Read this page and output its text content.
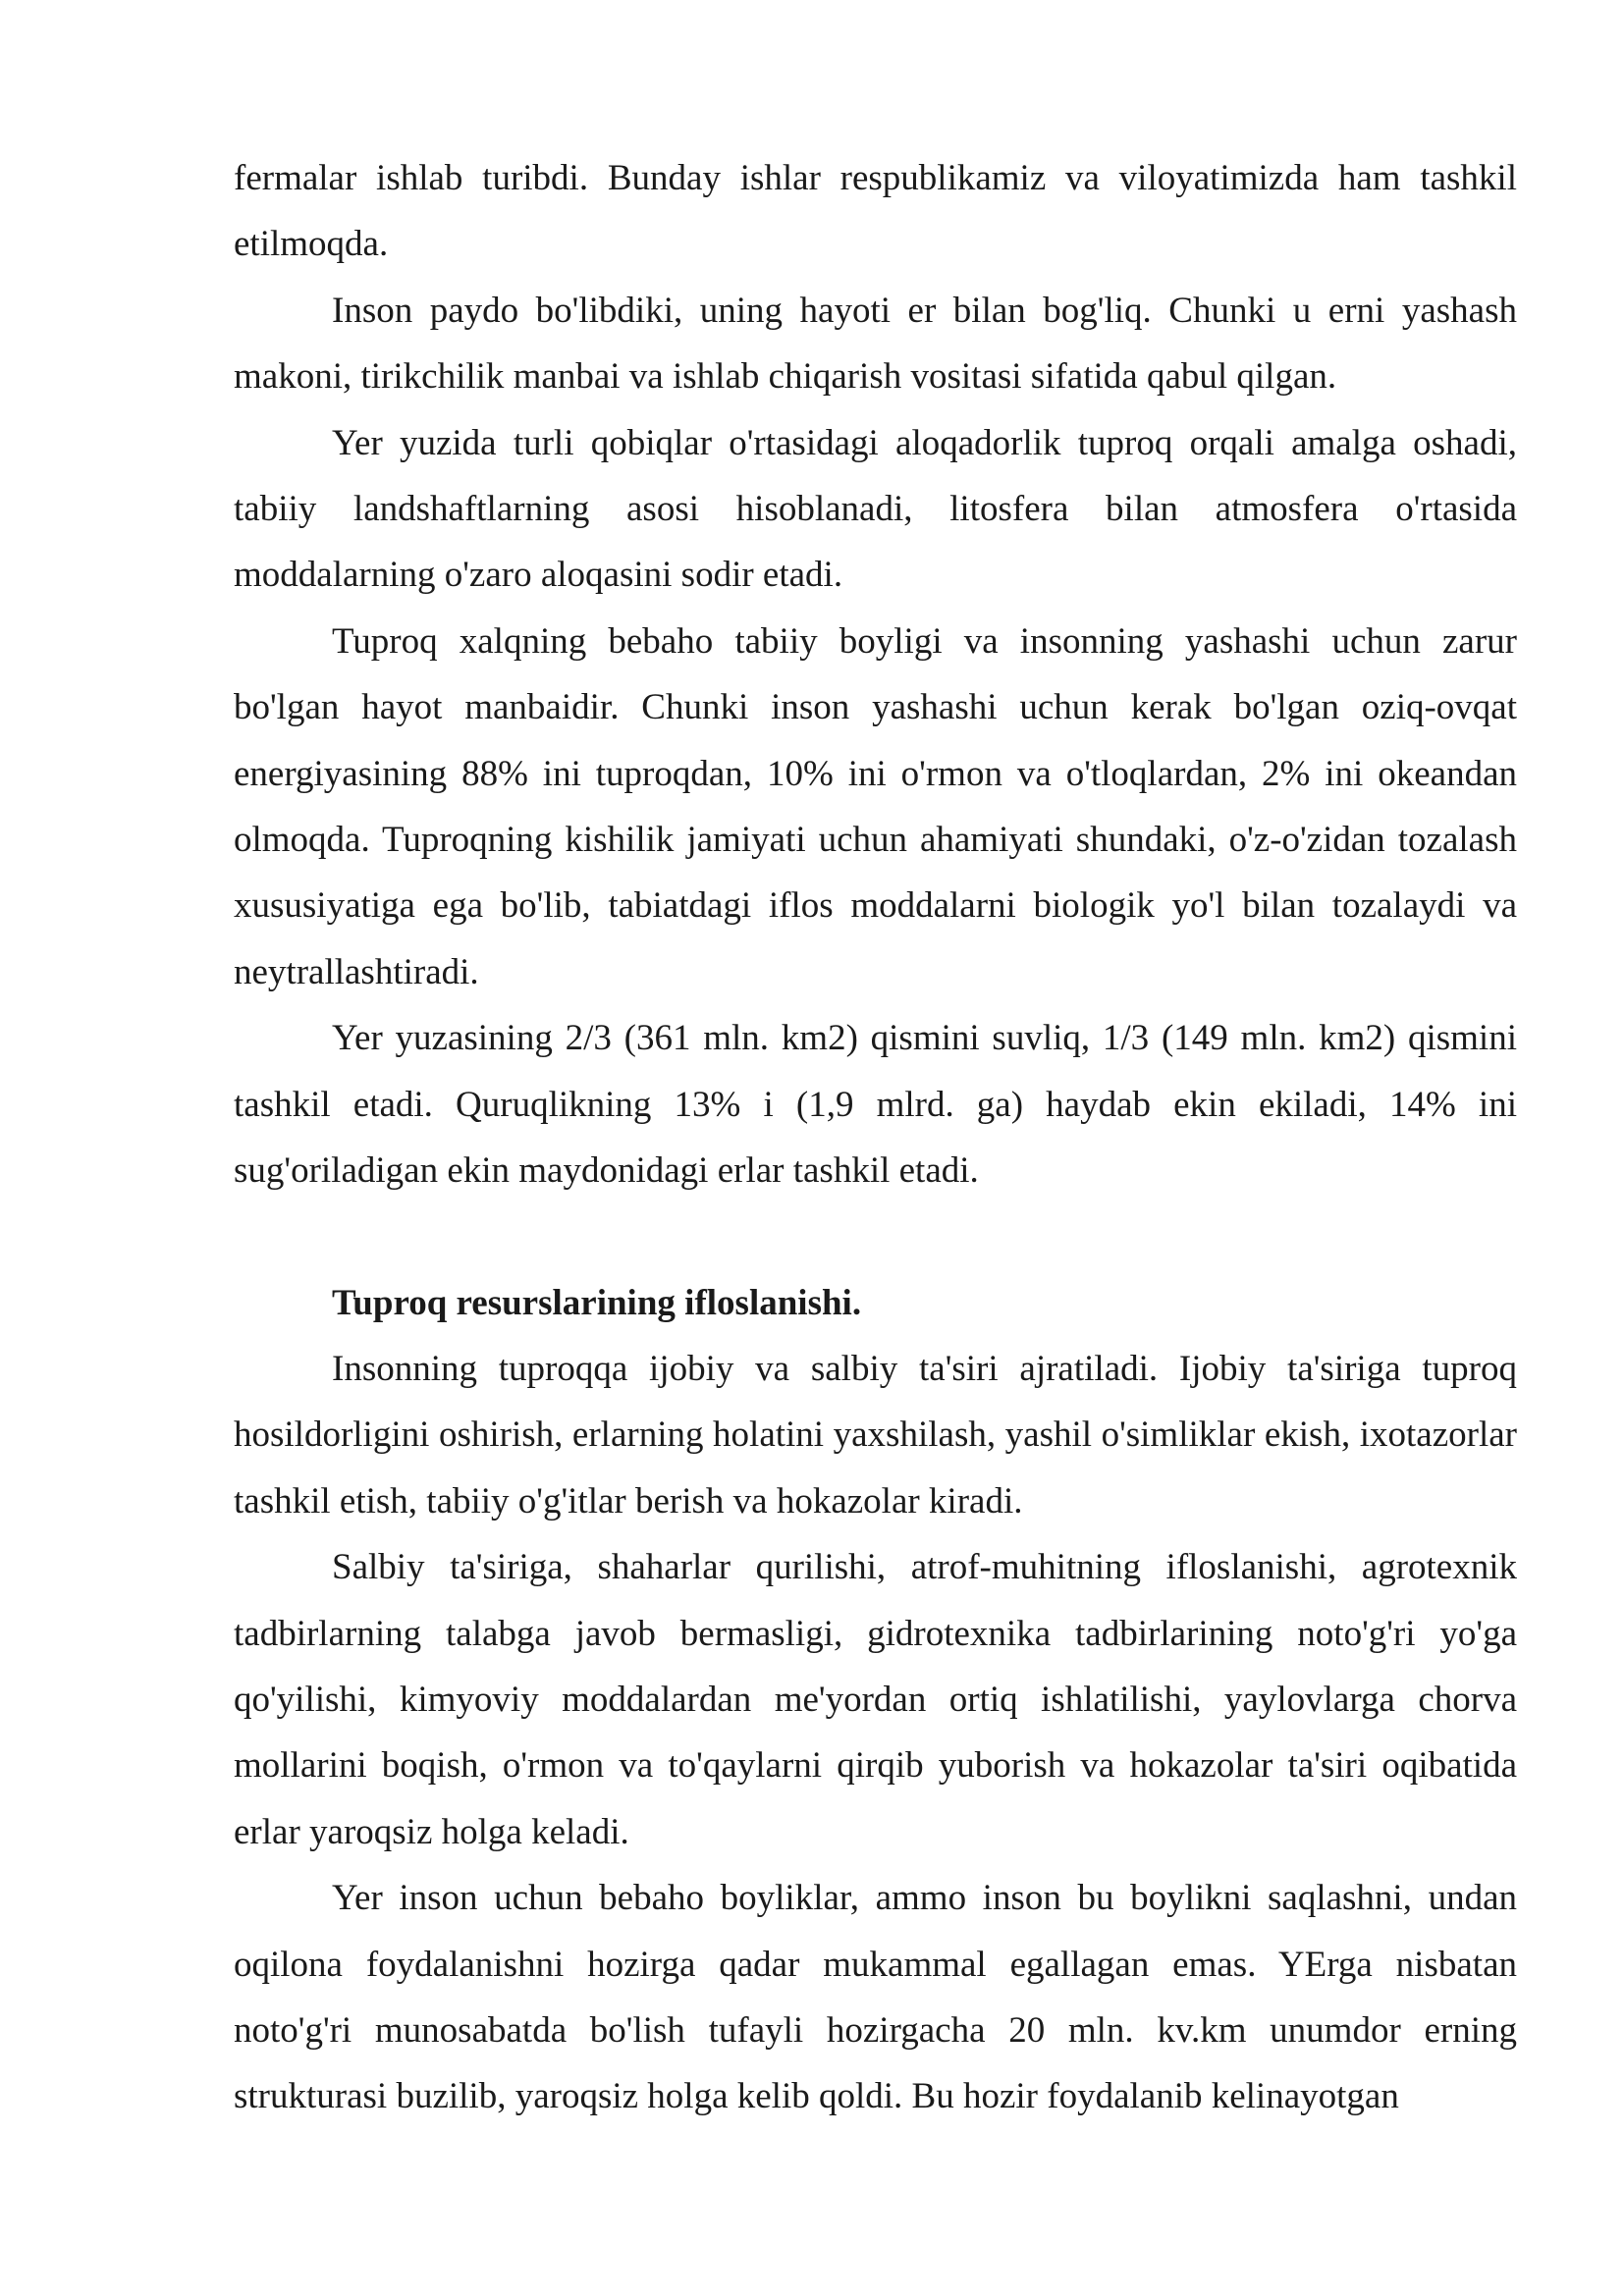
fermalar ishlab turibdi. Bunday ishlar respublikamiz va viloyatimizda ham tashkil etilmoqda.

Inson paydo bo'libdiki, uning hayoti er bilan bog'liq. Chunki u erni yashash makoni, tirikchilik manbai va ishlab chiqarish vositasi sifatida qabul qilgan.

Yer yuzida turli qobiqlar o'rtasidagi aloqadorlik tuproq orqali amalga oshadi, tabiiy landshaftlarning asosi hisoblanadi, litosfera bilan atmosfera o'rtasida moddalarning o'zaro aloqasini sodir etadi.

Tuproq xalqning bebaho tabiiy boyligi va insonning yashashi uchun zarur bo'lgan hayot manbaidir. Chunki inson yashashi uchun kerak bo'lgan oziq-ovqat energiyasining 88% ini tuproqdan, 10% ini o'rmon va o'tloqlardan, 2% ini okeandan olmoqda. Tuproqning kishilik jamiyati uchun ahamiyati shundaki, o'z-o'zidan tozalash xususiyatiga ega bo'lib, tabiatdagi iflos moddalarni biologik yo'l bilan tozalaydi va neytrallashtiradi.

Yer yuzasining 2/3 (361 mln. km2) qismini suvliq, 1/3 (149 mln. km2) qismini tashkil etadi. Quruqlikning 13% i (1,9 mlrd. ga) haydab ekin ekiladi, 14% ini sug'oriladigan ekin maydonidagi erlar tashkil etadi.

Tuproq resurslarining ifloslanishi.

Insonning tuproqqa ijobiy va salbiy ta'siri ajratiladi. Ijobiy ta'siriga tuproq hosildorligini oshirish, erlarning holatini yaxshilash, yashil o'simliklar ekish, ixotazorlar tashkil etish, tabiiy o'g'itlar berish va hokazolar kiradi.

Salbiy ta'siriga, shaharlar qurilishi, atrof-muhitning ifloslanishi, agrotexnik tadbirlarning talabga javob bermasligi, gidrotexnika tadbirlarining noto'g'ri yo'ga qo'yilishi, kimyoviy moddalardan me'yordan ortiq ishlatilishi, yaylovlarga chorva mollarini boqish, o'rmon va to'qaylarni qirqib yuborish va hokazolar ta'siri oqibatida erlar yaroqsiz holga keladi.

Yer inson uchun bebaho boyliklar, ammo inson bu boylikni saqlashni, undan oqilona foydalanishni hozirga qadar mukammal egallagan emas. YErga nisbatan noto'g'ri munosabatda bo'lish tufayli hozirgacha 20 mln. kv.km unumdor erning strukturasi buzilib, yaroqsiz holga kelib qoldi. Bu hozir foydalanib kelinayotgan
